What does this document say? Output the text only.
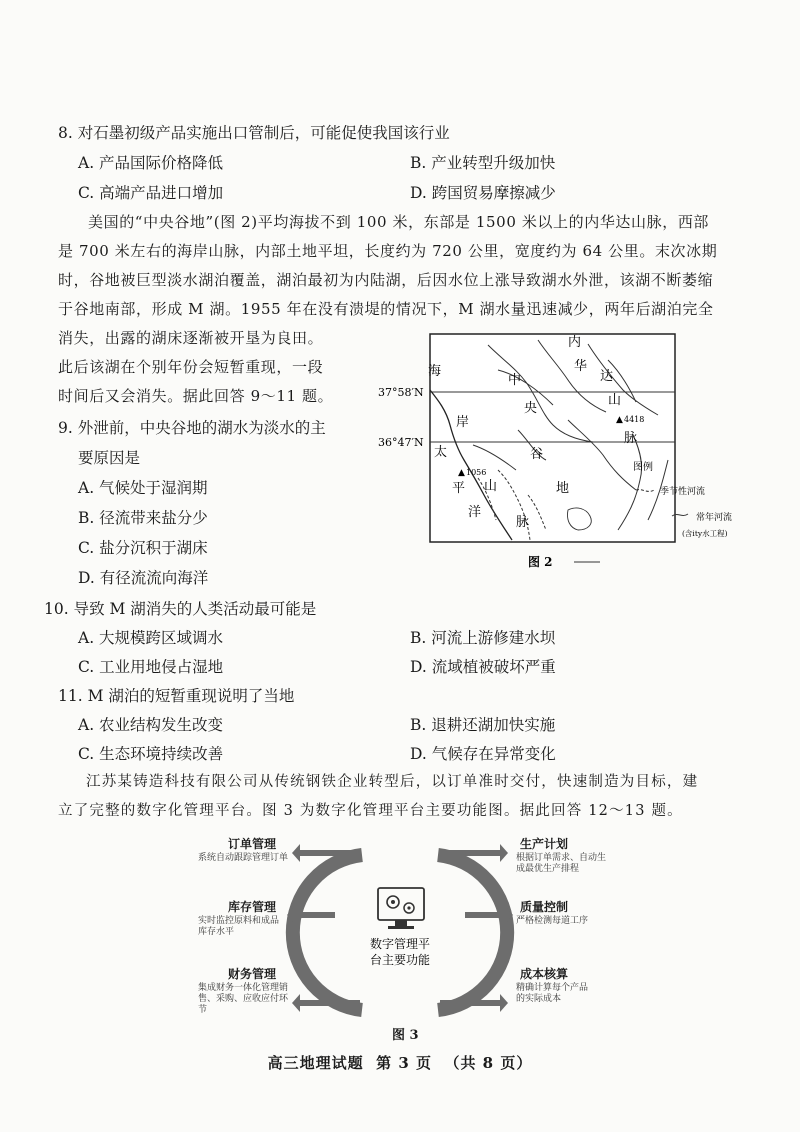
8. 对石墨初级产品实施出口管制后，可能促使我国该行业
A. 产品国际价格降低	B. 产业转型升级加快
C. 高端产品进口增加	D. 跨国贸易摩擦减少
美国的“中央谷地”(图 2)平均海拔不到 100 米，东部是 1500 米以上的内华达山脉，西部
是 700 米左右的海岸山脉，内部土地平坦，长度约为 720 公里，宽度约为 64 公里。末次冰期
时，谷地被巨型淡水湖泊覆盖，湖泊最初为内陆湖，后因水位上涨导致湖水外泄，该湖不断萎缩
于谷地南部，形成 M 湖。1955 年在没有溃堤的情况下，M 湖水量迅速减少，两年后湖泊完全
消失，出露的湖床逐渐被开垦为良田。
此后该湖在个别年份会短暂重现，一段
时间后又会消失。据此回答 9～11 题。
9. 外泄前，中央谷地的湖水为淡水的主
要原因是
A. 气候处于湿润期
B. 径流带来盐分少
C. 盐分沉积于湖床
D. 有径流流向海洋
▲
▲
海
内
华
中	达
央
山
岸
脉
太	谷
平 山	地
洋
脉
4418
1056
37°58′N
36°47′N
图例
季节性河流
常年河流
(含ity水工程)
图 2
10. 导致 M 湖消失的人类活动最可能是
A. 大规模跨区域调水	B. 河流上游修建水坝
C. 工业用地侵占湿地	D. 流域植被破坏严重
11. M 湖泊的短暂重现说明了当地
A. 农业结构发生改变	B. 退耕还湖加快实施
C. 生态环境持续改善	D. 气候存在异常变化
江苏某铸造科技有限公司从传统钢铁企业转型后，以订单准时交付，快速制造为目标，建
立了完整的数字化管理平台。图 3 为数字化管理平台主要功能图。据此回答 12～13 题。
数字管理平
台主要功能
订单管理
系统自动跟踪管理订单
库存管理
实时监控原料和成品库存水平
财务管理
集成财务一体化管理销售、采购、应收应付环节
生产计划
根据订单需求、自动生成最优生产排程
质量控制
严格检测每道工序
成本核算
精确计算每个产品的实际成本
图 3
高三地理试题 第 3 页 （共 8 页）
